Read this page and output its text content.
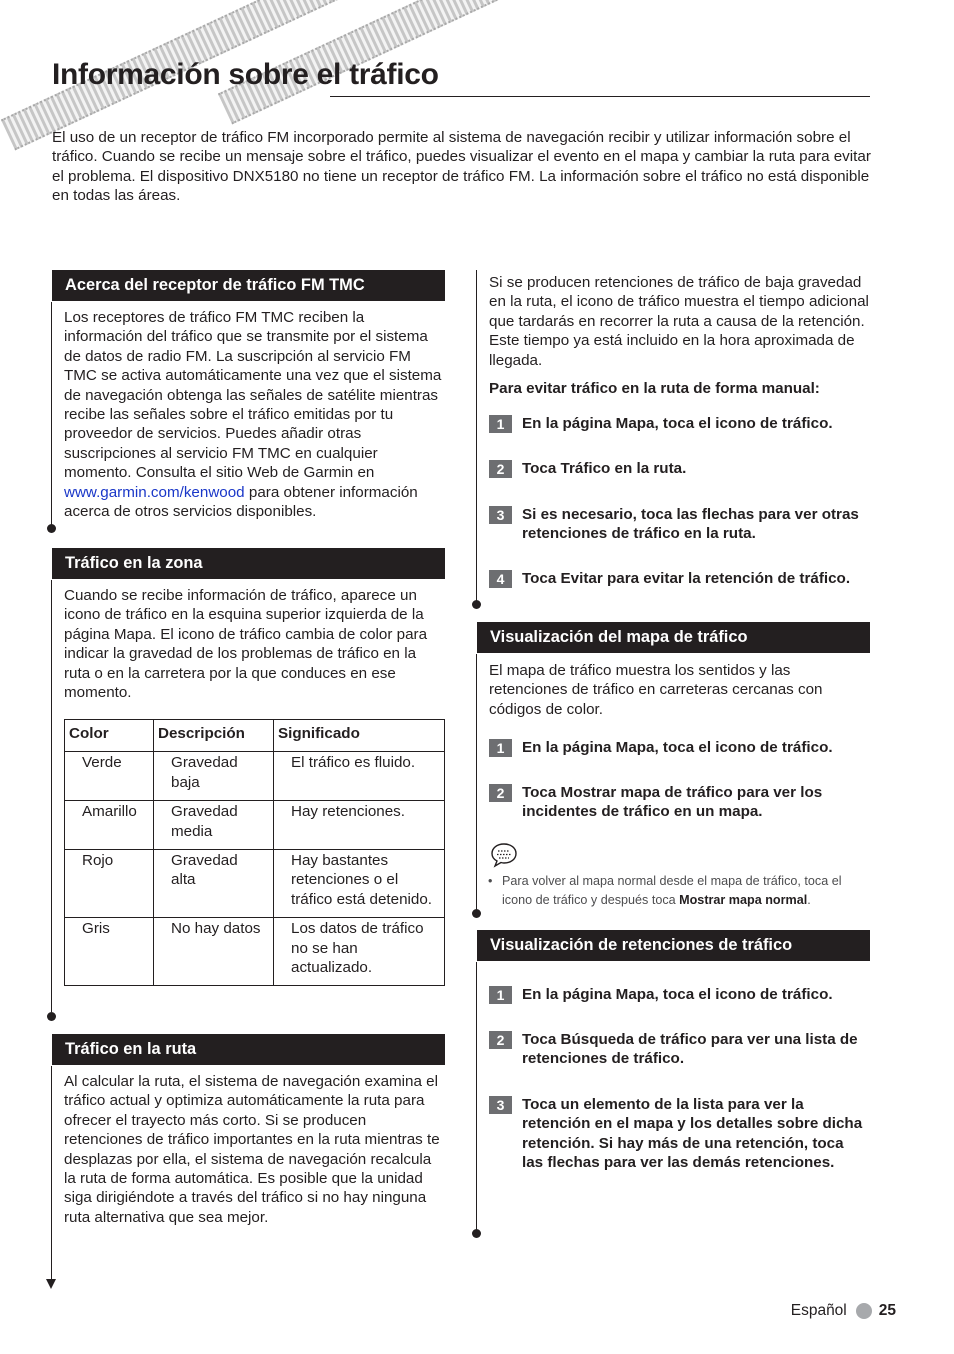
Información sobre el tráfico

El uso de un receptor de tráfico FM incorporado permite al sistema de navegación recibir y utilizar información sobre el tráfico. Cuando se recibe un mensaje sobre el tráfico, puedes visualizar el evento en el mapa y cambiar la ruta para evitar el problema. El dispositivo DNX5180 no tiene un receptor de tráfico FM. La información sobre el tráfico no está disponible en todas las áreas.

Acerca del receptor de tráfico FM TMC

Los receptores de tráfico FM TMC reciben la información del tráfico que se transmite por el sistema de datos de radio FM. La suscripción al servicio FM TMC se activa automáticamente una vez que el sistema de navegación obtenga las señales de satélite mientras recibe las señales sobre el tráfico emitidas por tu proveedor de servicios. Puedes añadir otras suscripciones al servicio FM TMC en cualquier momento. Consulta el sitio Web de Garmin en www.garmin.com/kenwood para obtener información acerca de otros servicios disponibles.

Tráfico en la zona

Cuando se recibe información de tráfico, aparece un icono de tráfico en la esquina superior izquierda de la página Mapa. El icono de tráfico cambia de color para indicar la gravedad de los problemas de tráfico en la ruta o en la carretera por la que conduces en ese momento.

Color	Descripción	Significado
Verde	Gravedad baja	El tráfico es fluido.
Amarillo	Gravedad media	Hay retenciones.
Rojo	Gravedad alta	Hay bastantes retenciones o el tráfico está detenido.
Gris	No hay datos	Los datos de tráfico no se han actualizado.
Tráfico en la ruta

Al calcular la ruta, el sistema de navegación examina el tráfico actual y optimiza automáticamente la ruta para ofrecer el trayecto más corto. Si se producen retenciones de tráfico importantes en la ruta mientras te desplazas por ella, el sistema de navegación recalcula la ruta de forma automática. Es posible que la unidad siga dirigiéndote a través del tráfico si no hay ninguna ruta alternativa que sea mejor.

Si se producen retenciones de tráfico de baja gravedad en la ruta, el icono de tráfico muestra el tiempo adicional que tardarás en recorrer la ruta a causa de la retención. Este tiempo ya está incluido en la hora aproximada de llegada.

Para evitar tráfico en la ruta de forma manual:

1	En la página Mapa, toca el icono de tráfico.
2	Toca Tráfico en la ruta.
3	Si es necesario, toca las flechas para ver otras retenciones de tráfico en la ruta.
4	Toca Evitar para evitar la retención de tráfico.
Visualización del mapa de tráfico

El mapa de tráfico muestra los sentidos y las retenciones de tráfico en carreteras cercanas con códigos de color.

1	En la página Mapa, toca el icono de tráfico.
2	Toca Mostrar mapa de tráfico para ver los incidentes de tráfico en un mapa.

• Para volver al mapa normal desde el mapa de tráfico, toca el icono de tráfico y después toca Mostrar mapa normal.

Visualización de retenciones de tráfico
1	En la página Mapa, toca el icono de tráfico.
2	Toca Búsqueda de tráfico para ver una lista de retenciones de tráfico.
3	Toca un elemento de la lista para ver la retención en el mapa y los detalles sobre dicha retención. Si hay más de una retención, toca las flechas para ver las demás retenciones.
Español 25
